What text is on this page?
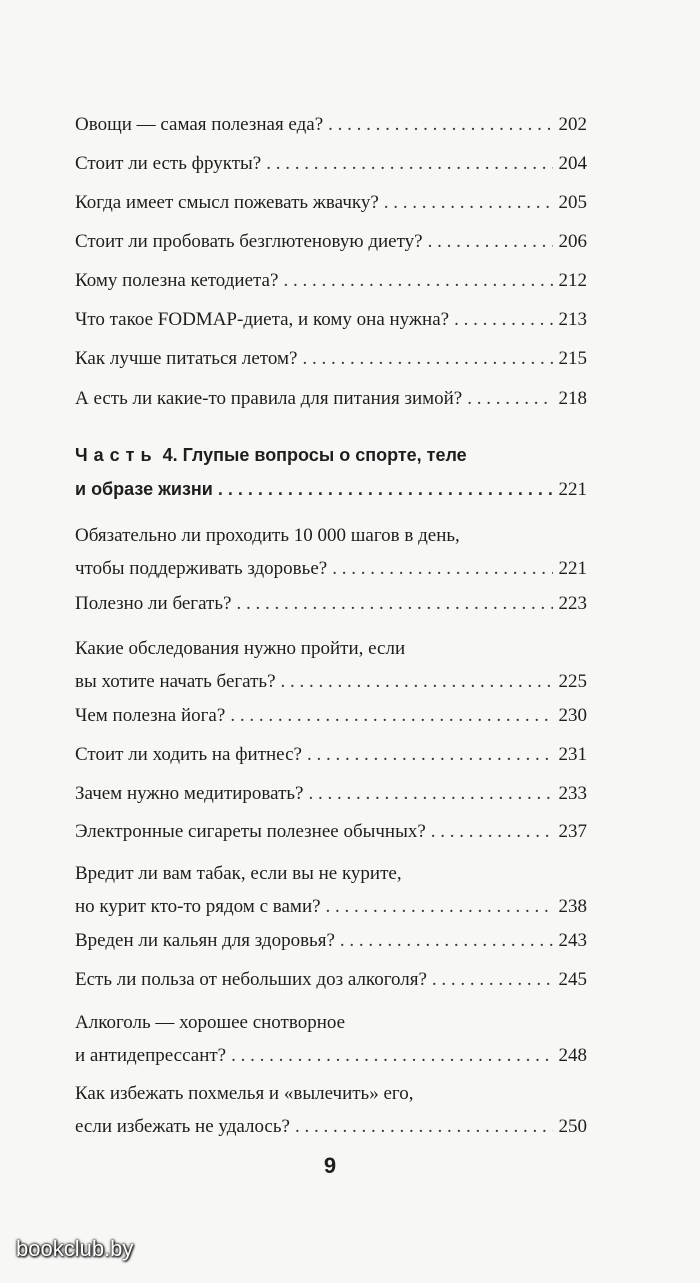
Овощи — самая полезная еда? . . .	202
Стоит ли есть фрукты? . . .	204
Когда имеет смысл пожевать жвачку? . . .	205
Стоит ли пробовать безглютеновую диету? . . .	206
Кому полезна кетодиета? . . .	212
Что такое FODMAP-диета, и кому она нужна? . . .	213
Как лучше питаться летом? . . .	215
А есть ли какие-то правила для питания зимой? . . .	218
Часть 4. Глупые вопросы о спорте, теле
и образе жизни . . .	221
Обязательно ли проходить 10 000 шагов в день,
чтобы поддерживать здоровье? . . .	221
Полезно ли бегать? . . .	223
Какие обследования нужно пройти, если
вы хотите начать бегать? . . .	225
Чем полезна йога? . . .	230
Стоит ли ходить на фитнес? . . .	231
Зачем нужно медитировать? . . .	233
Электронные сигареты полезнее обычных? . . .	237
Вредит ли вам табак, если вы не курите,
но курит кто-то рядом с вами? . . .	238
Вреден ли кальян для здоровья? . . .	243
Есть ли польза от небольших доз алкоголя? . . .	245
Алкоголь — хорошее снотворное
и антидепрессант? . . .	248
Как избежать похмелья и «вылечить» его,
если избежать не удалось? . . .	250
9
bookclub.by
